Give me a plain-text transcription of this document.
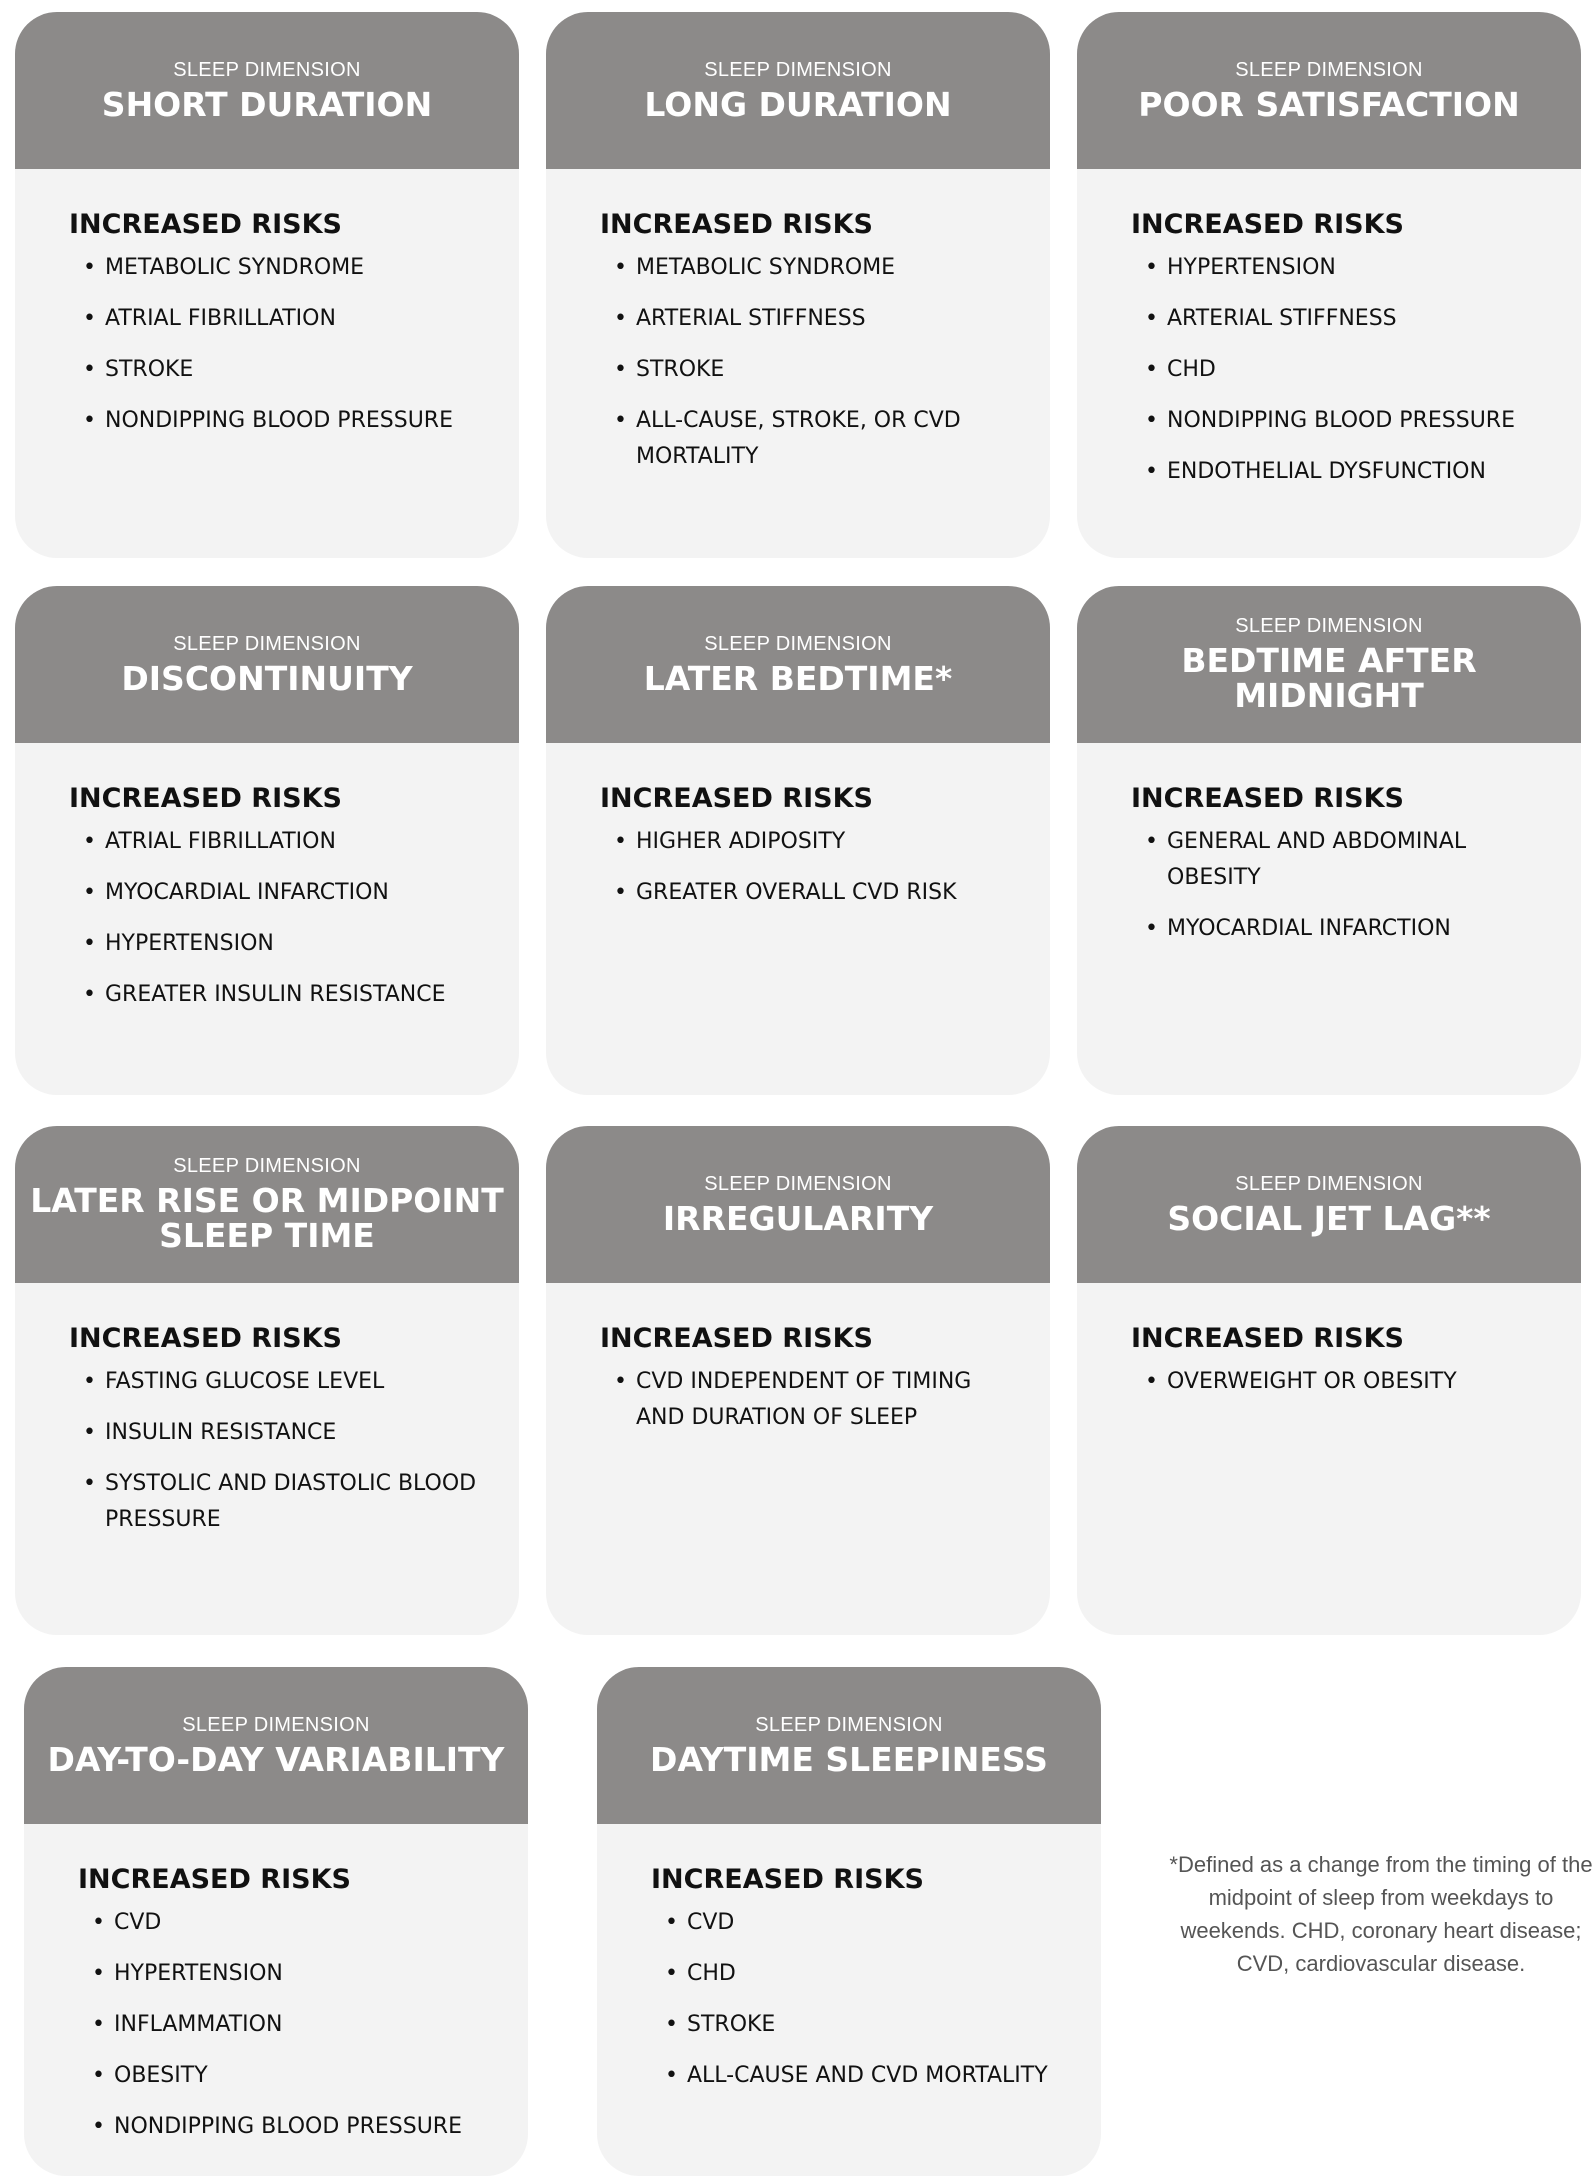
SLEEP DIMENSION
SHORT DURATION
INCREASED RISKS
• METABOLIC SYNDROME
• ATRIAL FIBRILLATION
• STROKE
• NONDIPPING BLOOD PRESSURE
SLEEP DIMENSION
LONG DURATION
INCREASED RISKS
• METABOLIC SYNDROME
• ARTERIAL STIFFNESS
• STROKE
• ALL-CAUSE, STROKE, OR CVD MORTALITY
SLEEP DIMENSION
POOR SATISFACTION
INCREASED RISKS
• HYPERTENSION
• ARTERIAL STIFFNESS
• CHD
• NONDIPPING BLOOD PRESSURE
• ENDOTHELIAL DYSFUNCTION
SLEEP DIMENSION
DISCONTINUITY
INCREASED RISKS
• ATRIAL FIBRILLATION
• MYOCARDIAL INFARCTION
• HYPERTENSION
• GREATER INSULIN RESISTANCE
SLEEP DIMENSION
LATER BEDTIME*
INCREASED RISKS
• HIGHER ADIPOSITY
• GREATER OVERALL CVD RISK
SLEEP DIMENSION
BEDTIME AFTER MIDNIGHT
INCREASED RISKS
• GENERAL AND ABDOMINAL OBESITY
• MYOCARDIAL INFARCTION
SLEEP DIMENSION
LATER RISE OR MIDPOINT SLEEP TIME
INCREASED RISKS
• FASTING GLUCOSE LEVEL
• INSULIN RESISTANCE
• SYSTOLIC AND DIASTOLIC BLOOD PRESSURE
SLEEP DIMENSION
IRREGULARITY
INCREASED RISKS
• CVD INDEPENDENT OF TIMING AND DURATION OF SLEEP
SLEEP DIMENSION
SOCIAL JET LAG**
INCREASED RISKS
• OVERWEIGHT OR OBESITY
SLEEP DIMENSION
DAY-TO-DAY VARIABILITY
INCREASED RISKS
• CVD
• HYPERTENSION
• INFLAMMATION
• OBESITY
• NONDIPPING BLOOD PRESSURE
SLEEP DIMENSION
DAYTIME SLEEPINESS
INCREASED RISKS
• CVD
• CHD
• STROKE
• ALL-CAUSE AND CVD MORTALITY
*Defined as a change from the timing of the midpoint of sleep from weekdays to weekends. CHD, coronary heart disease; CVD, cardiovascular disease.
